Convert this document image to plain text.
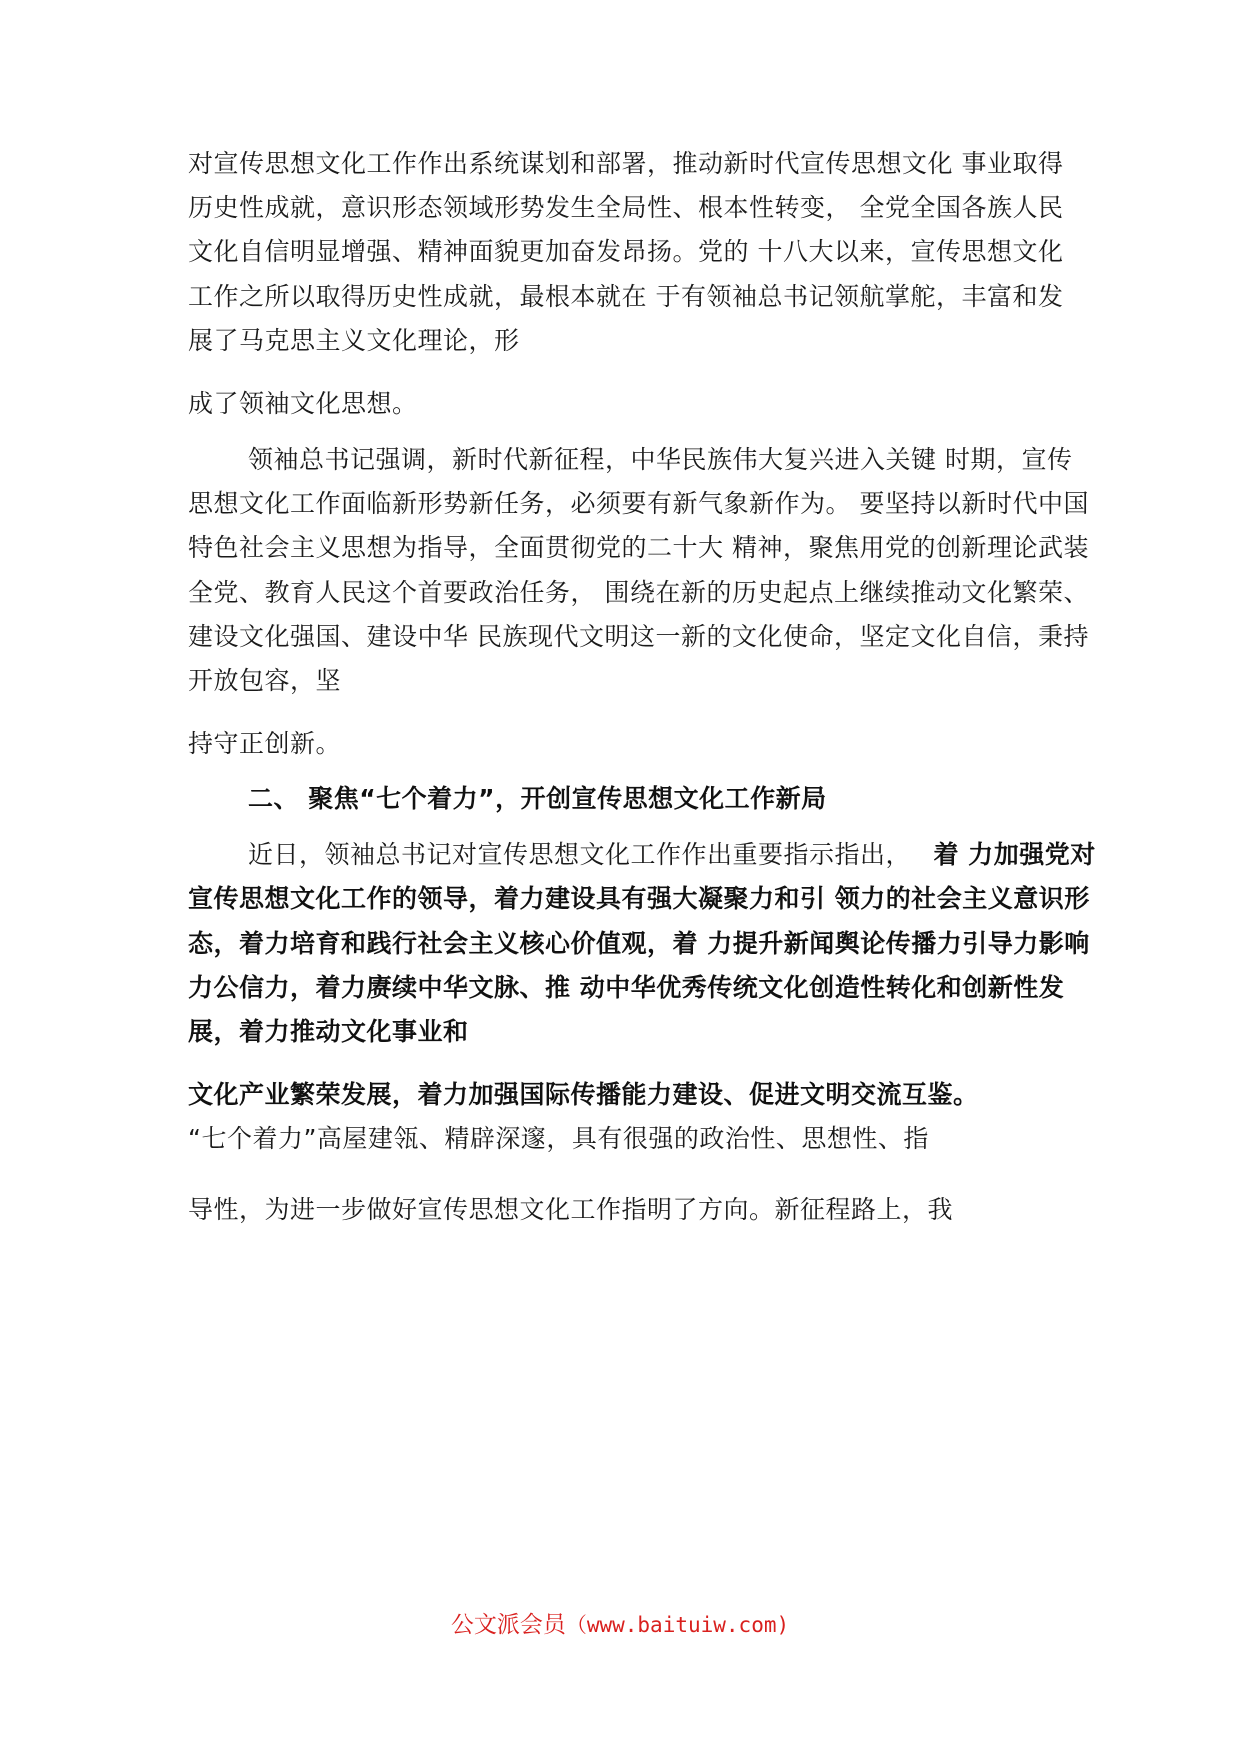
对宣传思想文化工作作出系统谋划和部署，推动新时代宣传思想文化 事业取得
历史性成就，意识形态领域形势发生全局性、根本性转变， 全党全国各族人民
文化自信明显增强、精神面貌更加奋发昂扬。党的 十八大以来，宣传思想文化
工作之所以取得历史性成就，最根本就在 于有领袖总书记领航掌舵，丰富和发
展了马克思主义文化理论，形
成了领袖文化思想。
领袖总书记强调，新时代新征程，中华民族伟大复兴进入关键 时期，宣传
思想文化工作面临新形势新任务，必须要有新气象新作为。 要坚持以新时代中国
特色社会主义思想为指导，全面贯彻党的二十大 精神，聚焦用党的创新理论武装
全党、教育人民这个首要政治任务， 围绕在新的历史起点上继续推动文化繁荣、
建设文化强国、建设中华 民族现代文明这一新的文化使命，坚定文化自信，秉持
开放包容，坚
持守正创新。
二、 聚焦“七个着力”，开创宣传思想文化工作新局
近日，领袖总书记对宣传思想文化工作作出重要指示指出， 着 力加强党对
宣传思想文化工作的领导，着力建设具有强大凝聚力和引 领力的社会主义意识形
态，着力培育和践行社会主义核心价值观，着 力提升新闻舆论传播力引导力影响
力公信力，着力赓续中华文脉、推 动中华优秀传统文化创造性转化和创新性发
展，着力推动文化事业和
文化产业繁荣发展，着力加强国际传播能力建设、促进文明交流互鉴。
“七个着力”高屋建瓴、精辟深邃，具有很强的政治性、思想性、指
导性，为进一步做好宣传思想文化工作指明了方向。新征程路上，我
公文派会员（www.baituiw.com)
